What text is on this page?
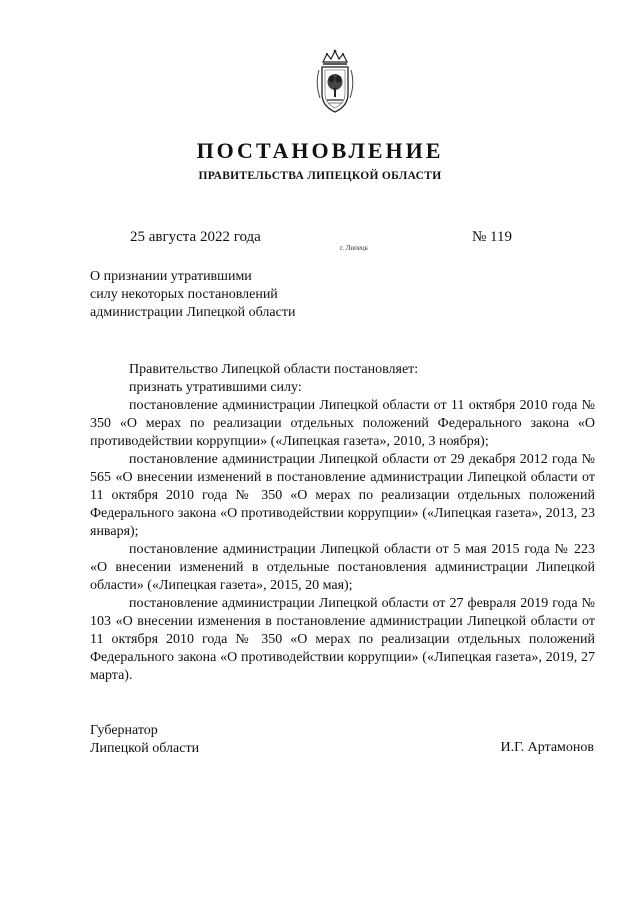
ПОСТАНОВЛЕНИЕ
ПРАВИТЕЛЬСТВА ЛИПЕЦКОЙ ОБЛАСТИ
25 августа 2022 года
г. Липецк
№ 119
О признании утратившими
силу некоторых постановлений
администрации Липецкой области
Правительство Липецкой области постановляет:
признать утратившими силу:
постановление администрации Липецкой области от 11 октября 2010 года № 350 «О мерах по реализации отдельных положений Федерального закона «О противодействии коррупции» («Липецкая газета», 2010, 3 ноября);
постановление администрации Липецкой области от 29 декабря 2012 года № 565 «О внесении изменений в постановление администрации Липецкой области от 11 октября 2010 года № 350 «О мерах по реализации отдельных положений Федерального закона «О противодействии коррупции» («Липецкая газета», 2013, 23 января);
постановление администрации Липецкой области от 5 мая 2015 года № 223 «О внесении изменений в отдельные постановления администрации Липецкой области» («Липецкая газета», 2015, 20 мая);
постановление администрации Липецкой области от 27 февраля 2019 года № 103 «О внесении изменения в постановление администрации Липецкой области от 11 октября 2010 года № 350 «О мерах по реализации отдельных положений Федерального закона «О противодействии коррупции» («Липецкая газета», 2019, 27 марта).
Губернатор
Липецкой области	И.Г. Артамонов
